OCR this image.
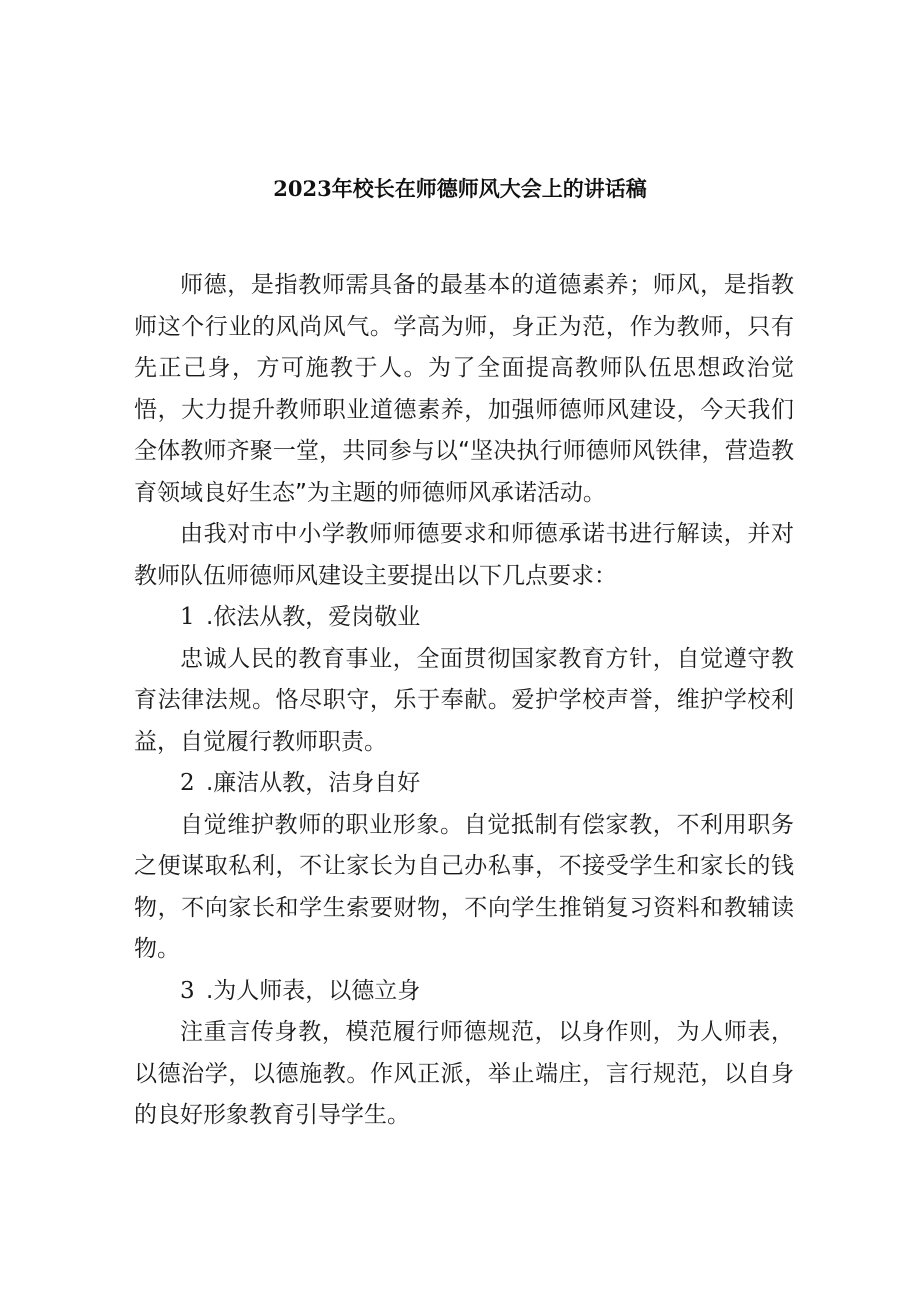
2023年校长在师德师风大会上的讲话稿

师德，是指教师需具备的最基本的道德素养；师风，是指教师这个行业的风尚风气。学高为师，身正为范，作为教师，只有先正己身，方可施教于人。为了全面提高教师队伍思想政治觉悟，大力提升教师职业道德素养，加强师德师风建设，今天我们全体教师齐聚一堂，共同参与以“坚决执行师德师风铁律，营造教育领域良好生态”为主题的师德师风承诺活动。

由我对市中小学教师师德要求和师德承诺书进行解读，并对教师队伍师德师风建设主要提出以下几点要求：

1 .依法从教，爱岗敬业

忠诚人民的教育事业，全面贯彻国家教育方针，自觉遵守教育法律法规。恪尽职守，乐于奉献。爱护学校声誉，维护学校利益，自觉履行教师职责。

2 .廉洁从教，洁身自好

自觉维护教师的职业形象。自觉抵制有偿家教，不利用职务之便谋取私利，不让家长为自己办私事，不接受学生和家长的钱物，不向家长和学生索要财物，不向学生推销复习资料和教辅读物。

3 .为人师表，以德立身

注重言传身教，模范履行师德规范，以身作则，为人师表，以德治学，以德施教。作风正派，举止端庄，言行规范，以自身的良好形象教育引导学生。
